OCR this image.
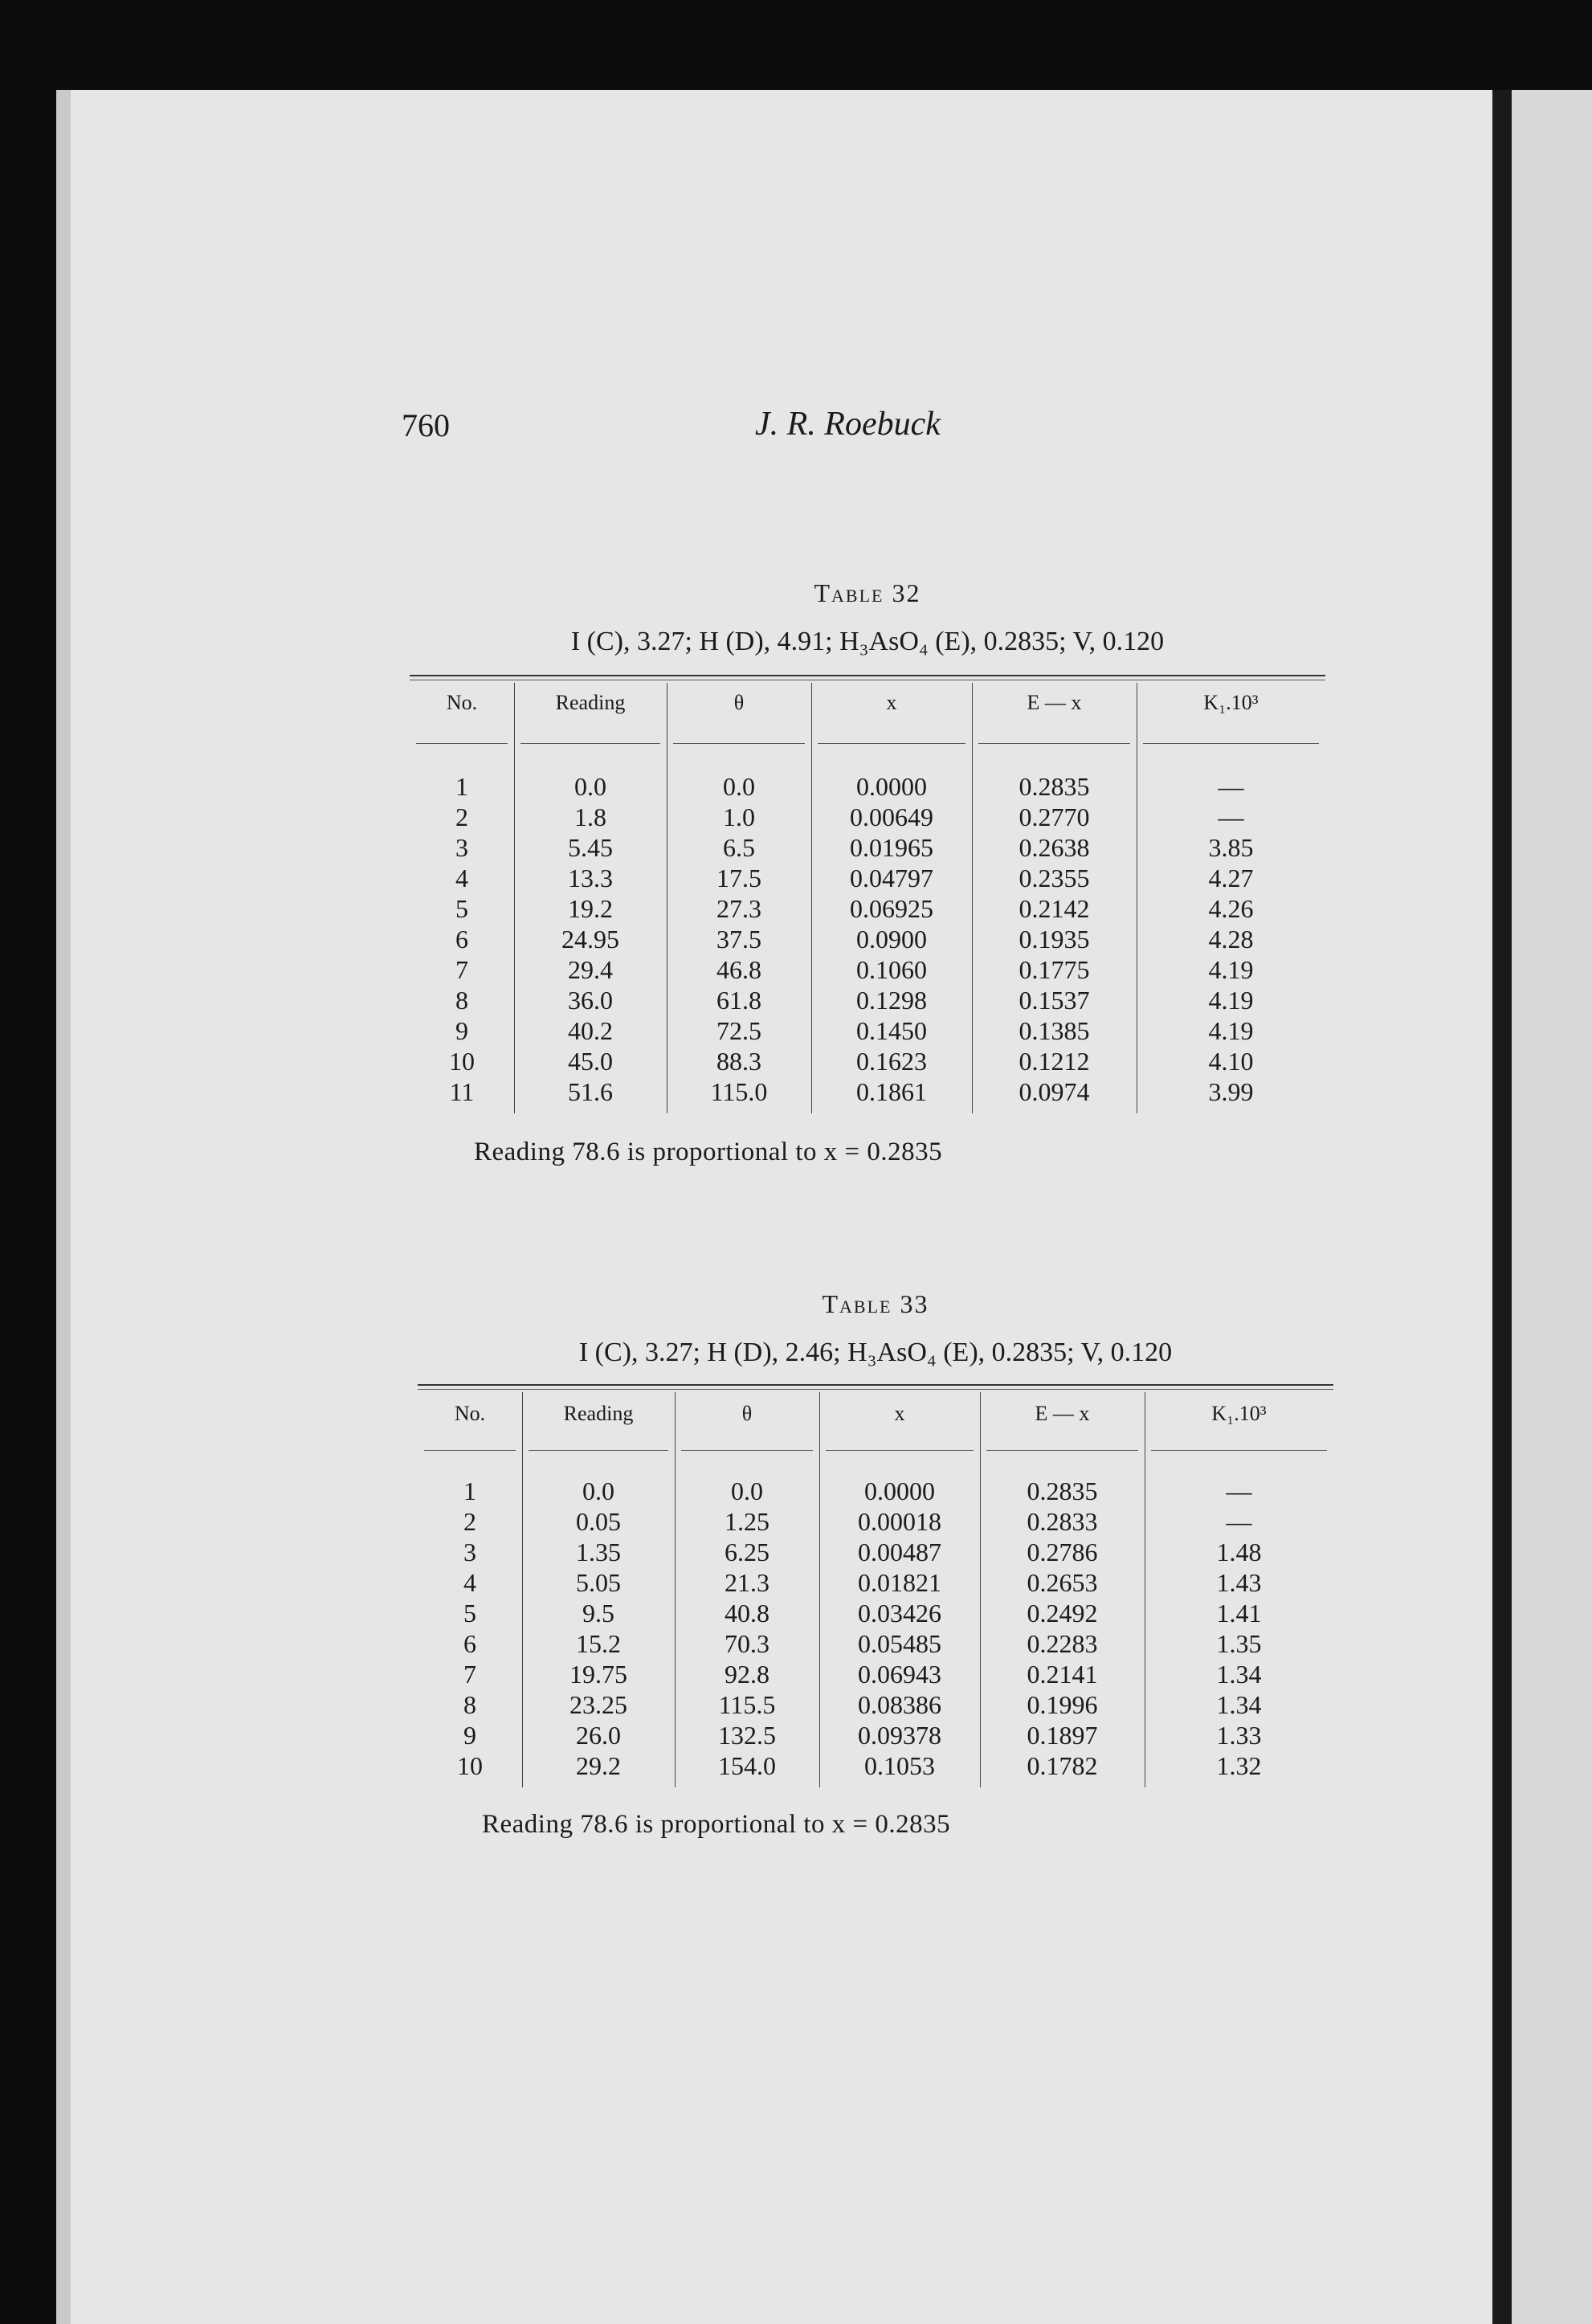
760	J. R. Roebuck
Table 32
I (C), 3.27; H (D), 4.91; H₃AsO₄ (E), 0.2835; V, 0.120
No.	Reading	θ	x	E — x	K₁.10³
1	0.0	0.0	0.0000	0.2835	—
2	1.8	1.0	0.00649	0.2770	—
3	5.45	6.5	0.01965	0.2638	3.85
4	13.3	17.5	0.04797	0.2355	4.27
5	19.2	27.3	0.06925	0.2142	4.26
6	24.95	37.5	0.0900	0.1935	4.28
7	29.4	46.8	0.1060	0.1775	4.19
8	36.0	61.8	0.1298	0.1537	4.19
9	40.2	72.5	0.1450	0.1385	4.19
10	45.0	88.3	0.1623	0.1212	4.10
11	51.6	115.0	0.1861	0.0974	3.99
Reading 78.6 is proportional to x = 0.2835
Table 33
I (C), 3.27; H (D), 2.46; H₃AsO₄ (E), 0.2835; V, 0.120
No.	Reading	θ	x	E — x	K₁.10³
1	0.0	0.0	0.0000	0.2835	—
2	0.05	1.25	0.00018	0.2833	—
3	1.35	6.25	0.00487	0.2786	1.48
4	5.05	21.3	0.01821	0.2653	1.43
5	9.5	40.8	0.03426	0.2492	1.41
6	15.2	70.3	0.05485	0.2283	1.35
7	19.75	92.8	0.06943	0.2141	1.34
8	23.25	115.5	0.08386	0.1996	1.34
9	26.0	132.5	0.09378	0.1897	1.33
10	29.2	154.0	0.1053	0.1782	1.32
Reading 78.6 is proportional to x = 0.2835
